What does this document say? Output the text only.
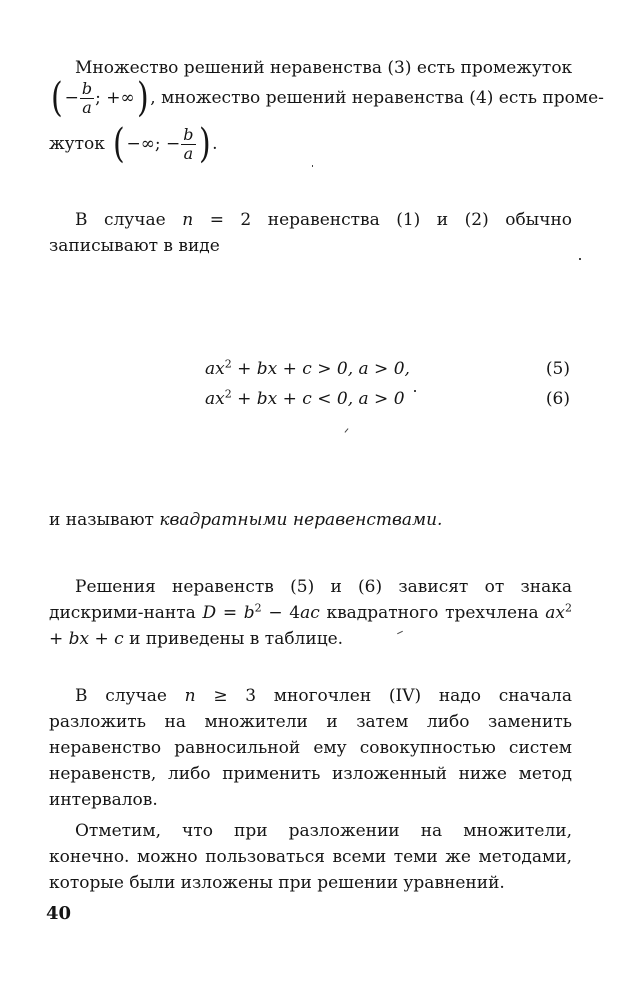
Множество решений неравенства (3) есть промежуток
( − $\frac{b}{a}$ ; +∞ ) , множество решений неравенства (4) есть проме-
жуток ( −∞; − $\frac{b}{a}$ ) .
В случае n = 2 неравенства (1) и (2) обычно записывают в виде
$ax^2$ + bx + c > 0, a > 0,	(5)
$ax^2$ + bx + c < 0, a > 0	(6)
и называют квадратными неравенствами.
Решения неравенств (5) и (6) зависят от знака дискрими-нанта $D = b^2 - 4ac$ квадратного трехчлена $ax^2$ + bx + c и приведены в таблице.
В случае n ≥ 3 многочлен (IV) надо сначала разложить на множители и затем либо заменить неравенство равносильной ему совокупностью систем неравенств, либо применить изложенный ниже метод интервалов.
Отметим, что при разложении на множители, конечно. можно пользоваться всеми теми же методами, которые были изложены при решении уравнений.
40
